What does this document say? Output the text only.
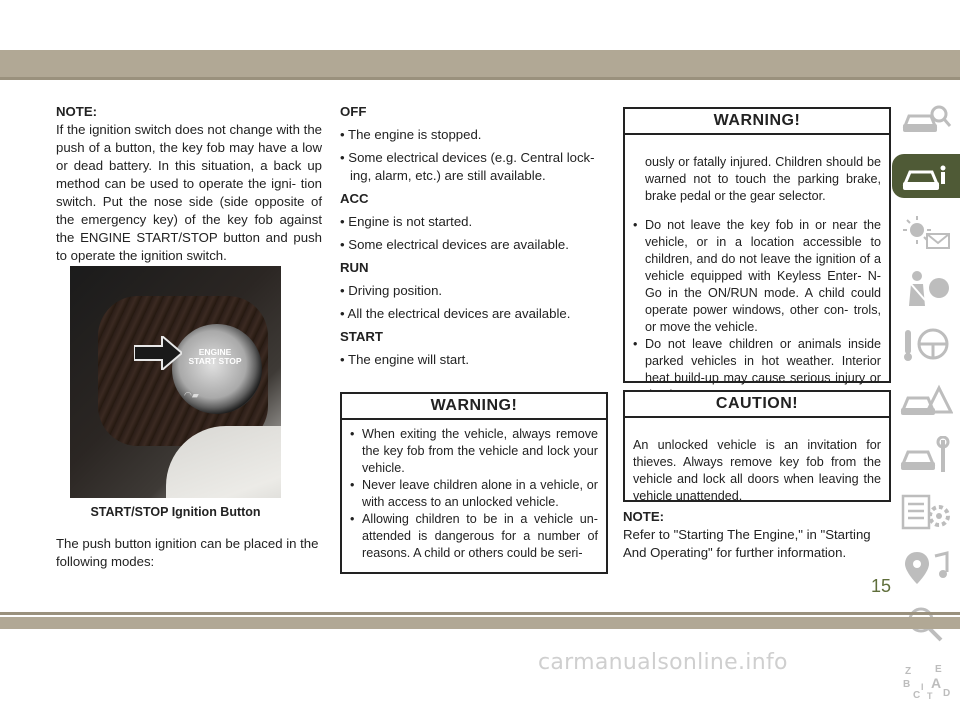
NOTE:

If the ignition switch does not change with the push of a button, the key fob may have a low or dead battery. In this situation, a back up method can be used to operate the igni- tion switch. Put the nose side (side opposite of the emergency key) of the key fob against the ENGINE START/STOP button and push to operate the ignition switch.

ENGINE START STOP
◠▰
START/STOP Ignition Button

The push button ignition can be placed in the following modes:

OFF

• The engine is stopped.

• Some electrical devices (e.g. Central lock- ing, alarm, etc.) are still available.

ACC

• Engine is not started.

• Some electrical devices are available.

RUN

• Driving position.

• All the electrical devices are available.

START

• The engine will start.

WARNING!
• When exiting the vehicle, always remove the key fob from the vehicle and lock your vehicle.
• Never leave children alone in a vehicle, or with access to an unlocked vehicle.
• Allowing children to be in a vehicle un- attended is dangerous for a number of reasons. A child or others could be seri-
WARNING!

ously or fatally injured. Children should be warned not to touch the parking brake, brake pedal or the gear selector.

• Do not leave the key fob in or near the vehicle, or in a location accessible to children, and do not leave the ignition of a vehicle equipped with Keyless Enter- N-Go in the ON/RUN mode. A child could operate power windows, other con- trols, or move the vehicle.
• Do not leave children or animals inside parked vehicles in hot weather. Interior heat build-up may cause serious injury or
CAUTION!

An unlocked vehicle is an invitation for thieves. Always remove key fob from the vehicle and lock all doors when leaving the vehicle unattended.

NOTE:

Refer to "Starting The Engine," in "Starting And Operating" for further information.

Z E
B A
C D
I
T
15
carmanualsonline.info
